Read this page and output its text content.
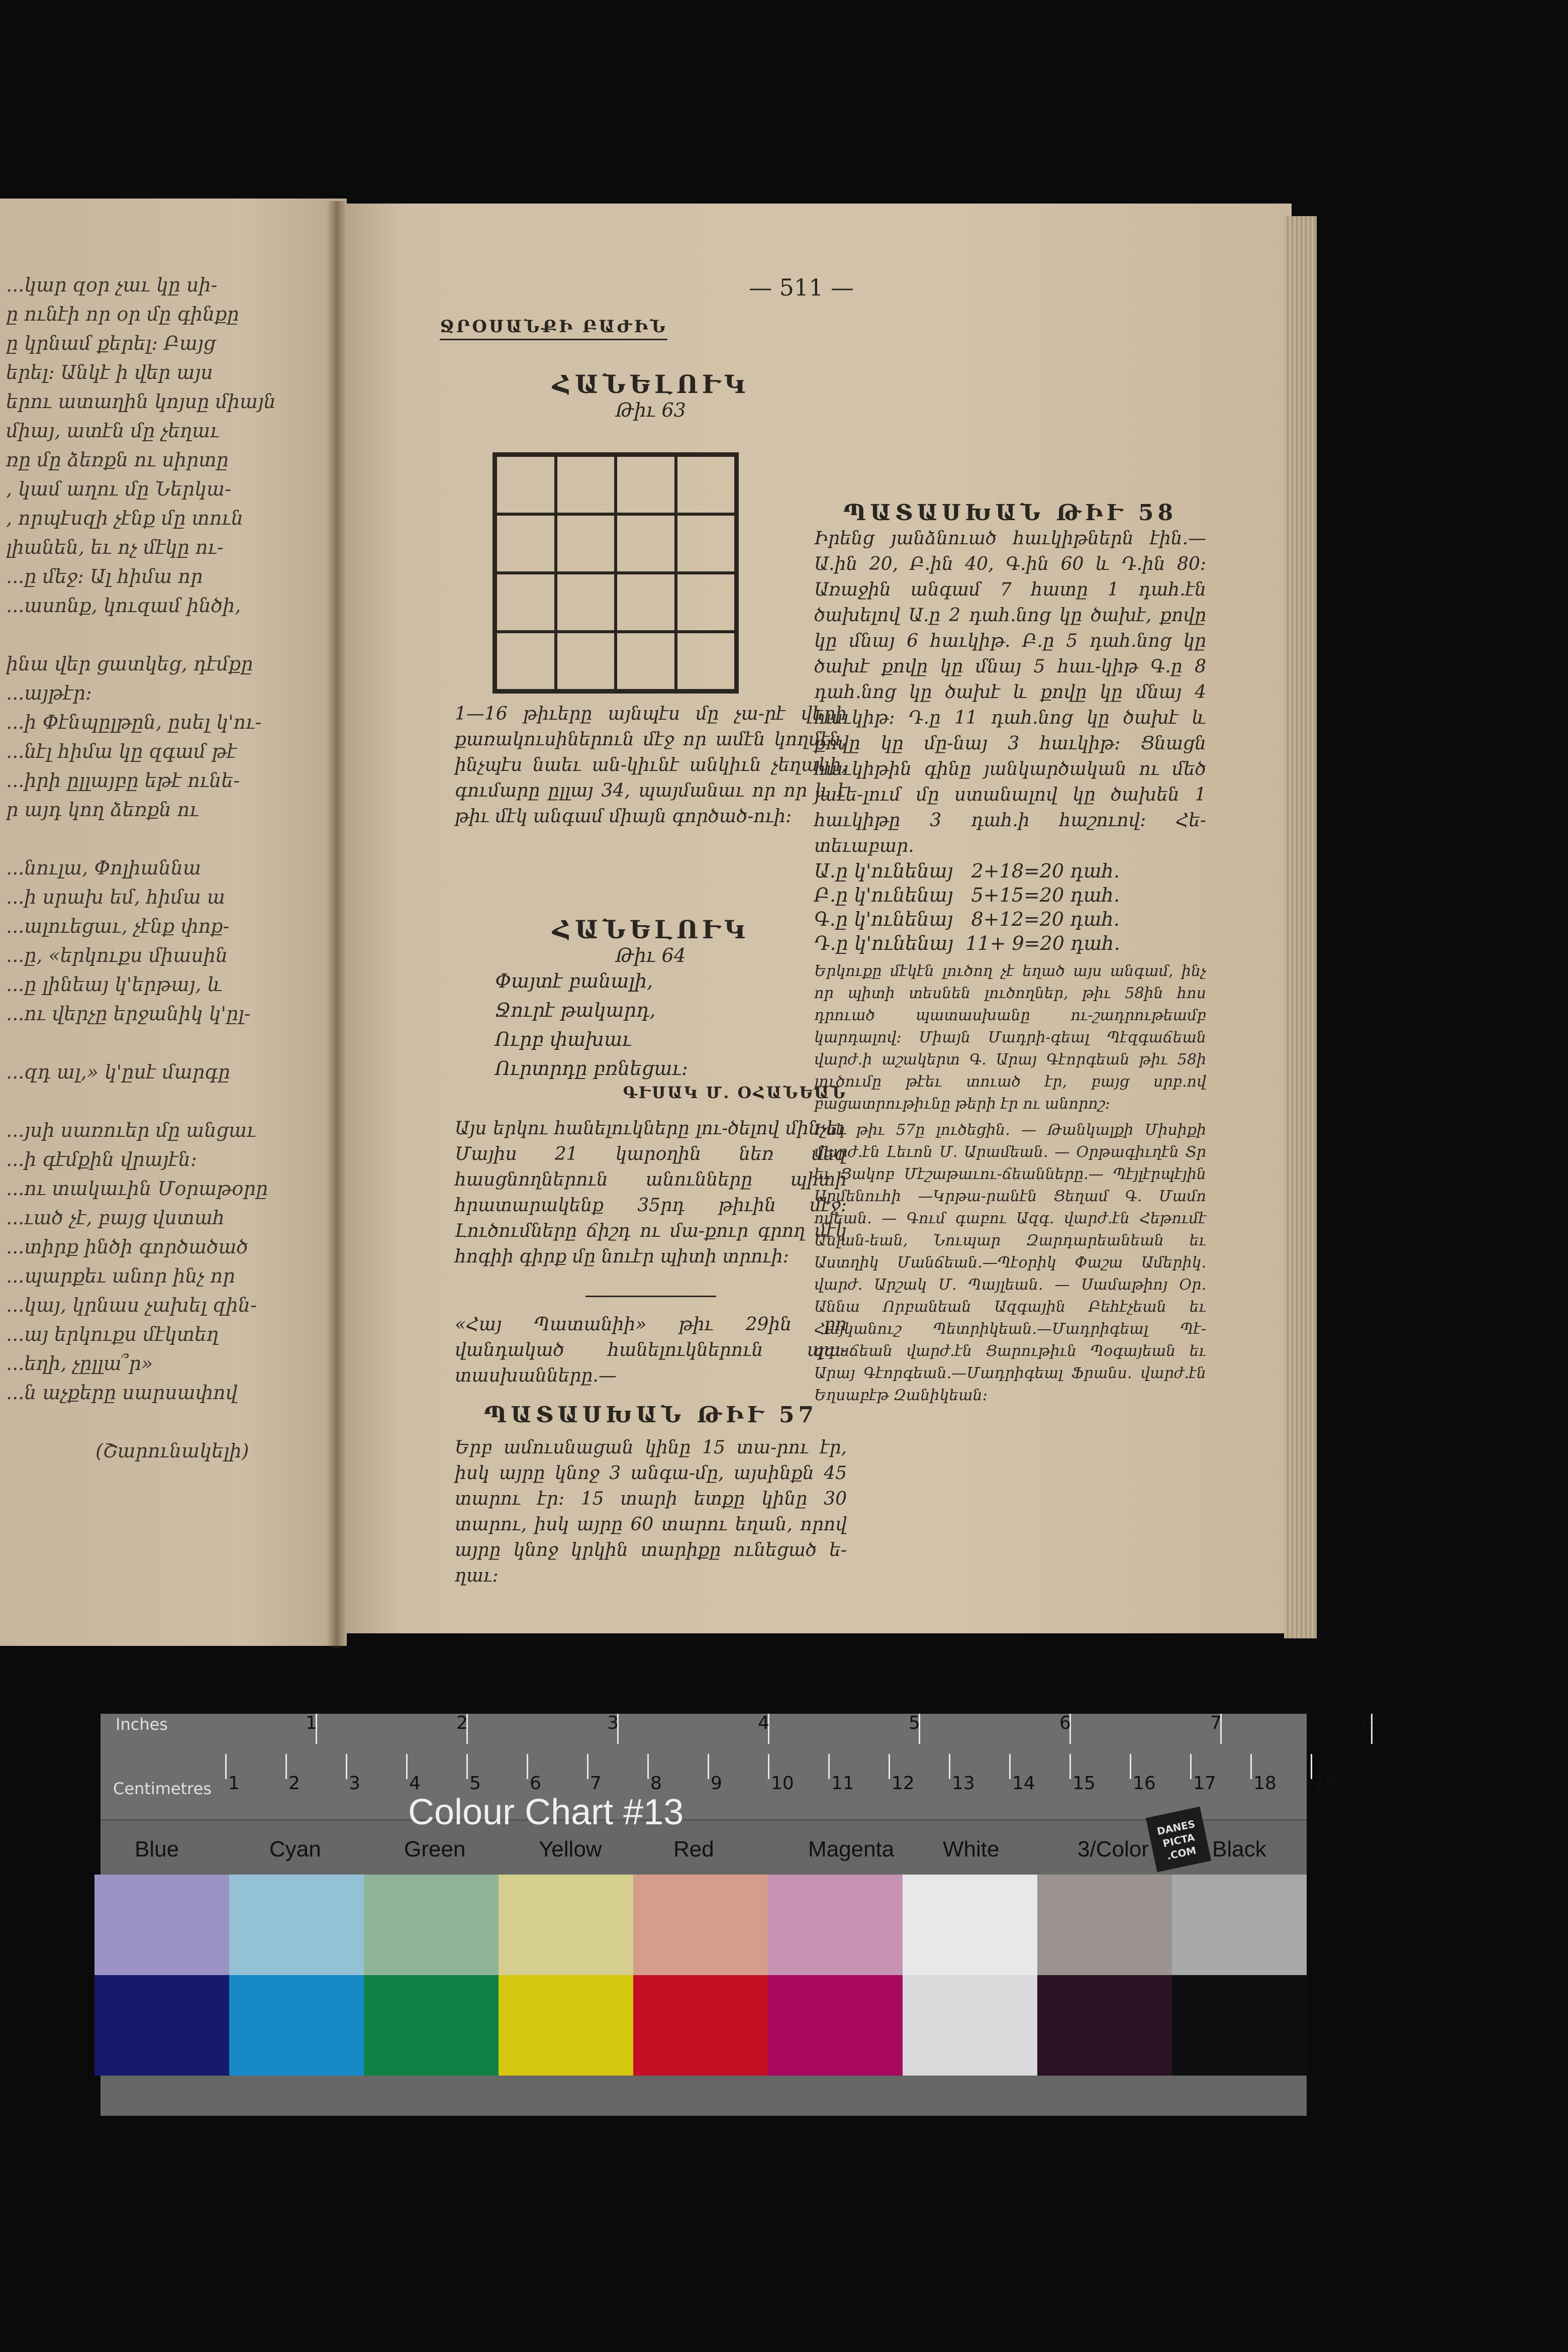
...կար զօր չաւ կը սի-
ը ունէի որ օր մը գինքը
ը կրնամ քերել: Բայց
երել: Անկէ ի վեր այս
երու ատաղին կոյսը միայն
միայ, ատէն մը չեղաւ
ռը մը ձեռքն ու սիրտը
, կամ աղու մը Ներկա-
, որպէսզի չէնք մը տուն
լիանեն, եւ ոչ մէկը ու-
...ը մեջ: Ալ հիմա որ
...ասոնք, կուզամ ինծի,
ինա վեր ցատկեց, դէմքը
...այթէր:
...ի Փէնպըլթըն, ըսել կ'ու-
...նէլ հիմա կը զգամ թէ
...իրի ըլլայբը եթէ ունե-
ր այդ կող ձեռքն ու
...նուլա, Փոլիաննա
...ի սրախ եմ, հիմա ա
...ալուեցաւ, չէնք փոք-
...ը, «երկուքս միասին
...ը լինեայ կ'երթայ, և
...ու վերչը երջանիկ կ'ըլ-
...զդ ալ,» կ'ըսէ մարգը
...յսի սառուեր մը անցաւ
...ի գէմքին վրայէն:
...ու տակաւին Մօրաթօրը
...ւած չէ, բայց վստահ
...տիրք ինծի գործածած
...պարքեւ անոր ինչ որ
...կայ, կրնաս չախել զին-
...այ երկուքս մէկտեղ
...եղի, չըլլա՞ր»
...ն աչքերը սարսափով
(Շարունակելի)
— 511 —
ՋՐՕՍԱՆՔԻ ԲԱԺԻՆ
ՀԱՆԵԼՈՒԿ
Թիւ 63
1—16 թիւերը այնպէս մը չա-րէ վերի քառակուսիներուն մէջ որ ամէն կողմէն, ինչպէս նաեւ ան-կիւնէ անկիւն չեղակի, գումարը ըլլայ 34, պայմանաւ որ որ և է թիւ մէկ անգամ միայն գործած-ուի:
ՀԱՆԵԼՈՒԿ
Թիւ 64

Փայտէ բանալի,

Ջուրէ թակարդ,

Ուրբ փախաւ

Ուրտրդը բռնեցաւ:

ԳՒՍԱԿ Մ. ՕՀԱՆԵԱՆ
Այս երկու հանելուկները լու-ծելով մինչեւ Մայիս 21 կարօղին նեռ մեզ հասցնողներուն անունները պիտի հրատարակենք 35րդ թիւին մէջ: Լուծումները ճիշդ ու մա-քուր գրող մէկ հոգիի գիրք մը նուէր պիտի տրուի:
«Հայ Պատանիի» թիւ 29ին բո վանդակած հանելուկներուն պա-տասխանները.—
ՊԱՏԱՍԽԱՆ ԹԻՒ 57
Երբ ամուսնացան կինը 15 տա-րու էր, իսկ այրը կնոջ 3 անգա-մը, այսինքն 45 տարու էր: 15 տարի ետքը կինը 30 տարու, իսկ այրը 60 տարու եղան, որով այրը կնոջ կրկին տարիքը ունեցած ե-ղաւ:
ՊԱՏԱՍԽԱՆ ԹԻՒ 58
Իրենց յանձնուած հաւկիթներն էին.—Ա.ին 20, Բ.ին 40, Գ.ին 60 և Դ.ին 80: Առաջին անգամ 7 հատը 1 դահ.էն ծախելով Ա.ը 2 դահ.նոց կը ծախէ, քովը կը մնայ 6 հաւկիթ. Բ.ը 5 դահ.նոց կը ծախէ քովը կը մնայ 5 հաւ-կիթ Գ.ը 8 դահ.նոց կը ծախէ և քովը կը մնայ 4 հաւկիթ: Դ.ը 11 դահ.նոց կը ծախէ և քովը կը մը-նայ 3 հաւկիթ: Ցնացն հաւկիթին գինը յանկարծական ու մեծ յաւե-լում մը ստանալով կը ծախեն 1 հաւկիթը 3 դահ.ի հաշուով: Հե-տեւաբար.
Ա.ը կ'ունենայ   2+18=20 դահ.
Բ.ը կ'ունենայ   5+15=20 դահ.
Գ.ը կ'ունենայ   8+12=20 դահ.
Դ.ը կ'ունենայ  11+ 9=20 դահ.
Երկուքը մէկէն լուծող չէ եղած այս անգամ, ինչ որ պիտի տեսնեն լուծողներ, թիւ 58ին հոս դրուած պատասխանը ու-շադրութեամբ կարդալով: Միայն Մադրի-գեալ Պէզգաճեան վարժ.ի աշակերտ Գ. Արայ Գէորգեան թիւ 58ի լուծումը թէեւ տուած էր, բայց սրբ.ով բացատրութիւնը թերի էր ու անորոշ:
Իսկ թիւ 57ը լուծեցին. — Թանկալքի Միսիքի վարժ.էն Լեւոն Մ. Արամեան. — Օրթագիւղէն Տր եւ Ցակոբ Մէշաթաւու-ճեանները.— Պէյլէրպէյին Արմենուհի —Կրթա-րանէն Ցեղամ Գ. Մամո ոսեան. — Գում գաբու Ազգ. վարժ.էն Հեթումէ Ասլան-եան, Նուպար Զարդարեանեան եւ Աստղիկ Մանճեան.—Պէօրիկ Փաշա Ամերիկ. վարժ. Արշակ Մ. Պայլեան. — Սամաթիոյ Օր. Աննա Որբանեան Ազգային Բեհէչեան եւ Հայկանուշ Պետրիկեան.—Մադրիգեալ Պէ-զգաճեան վարժ.էն Ցարութիւն Պօգայեան եւ Արայ Գէորգեան.—Մադրիգեալ Ֆրանս. վարժ.էն Եղսաբէթ Զանիկեան:
Inches
Centimetres
1	2	3	4	5	6	7	8
1	2	3	4	5	6	7	8	9	10 11 12 13 14 15 16 17 18 19
Colour Chart #13	DANES PICTA .COM
Blue	Cyan	Green	Yellow	Red	Magenta White	3/Color	Black
